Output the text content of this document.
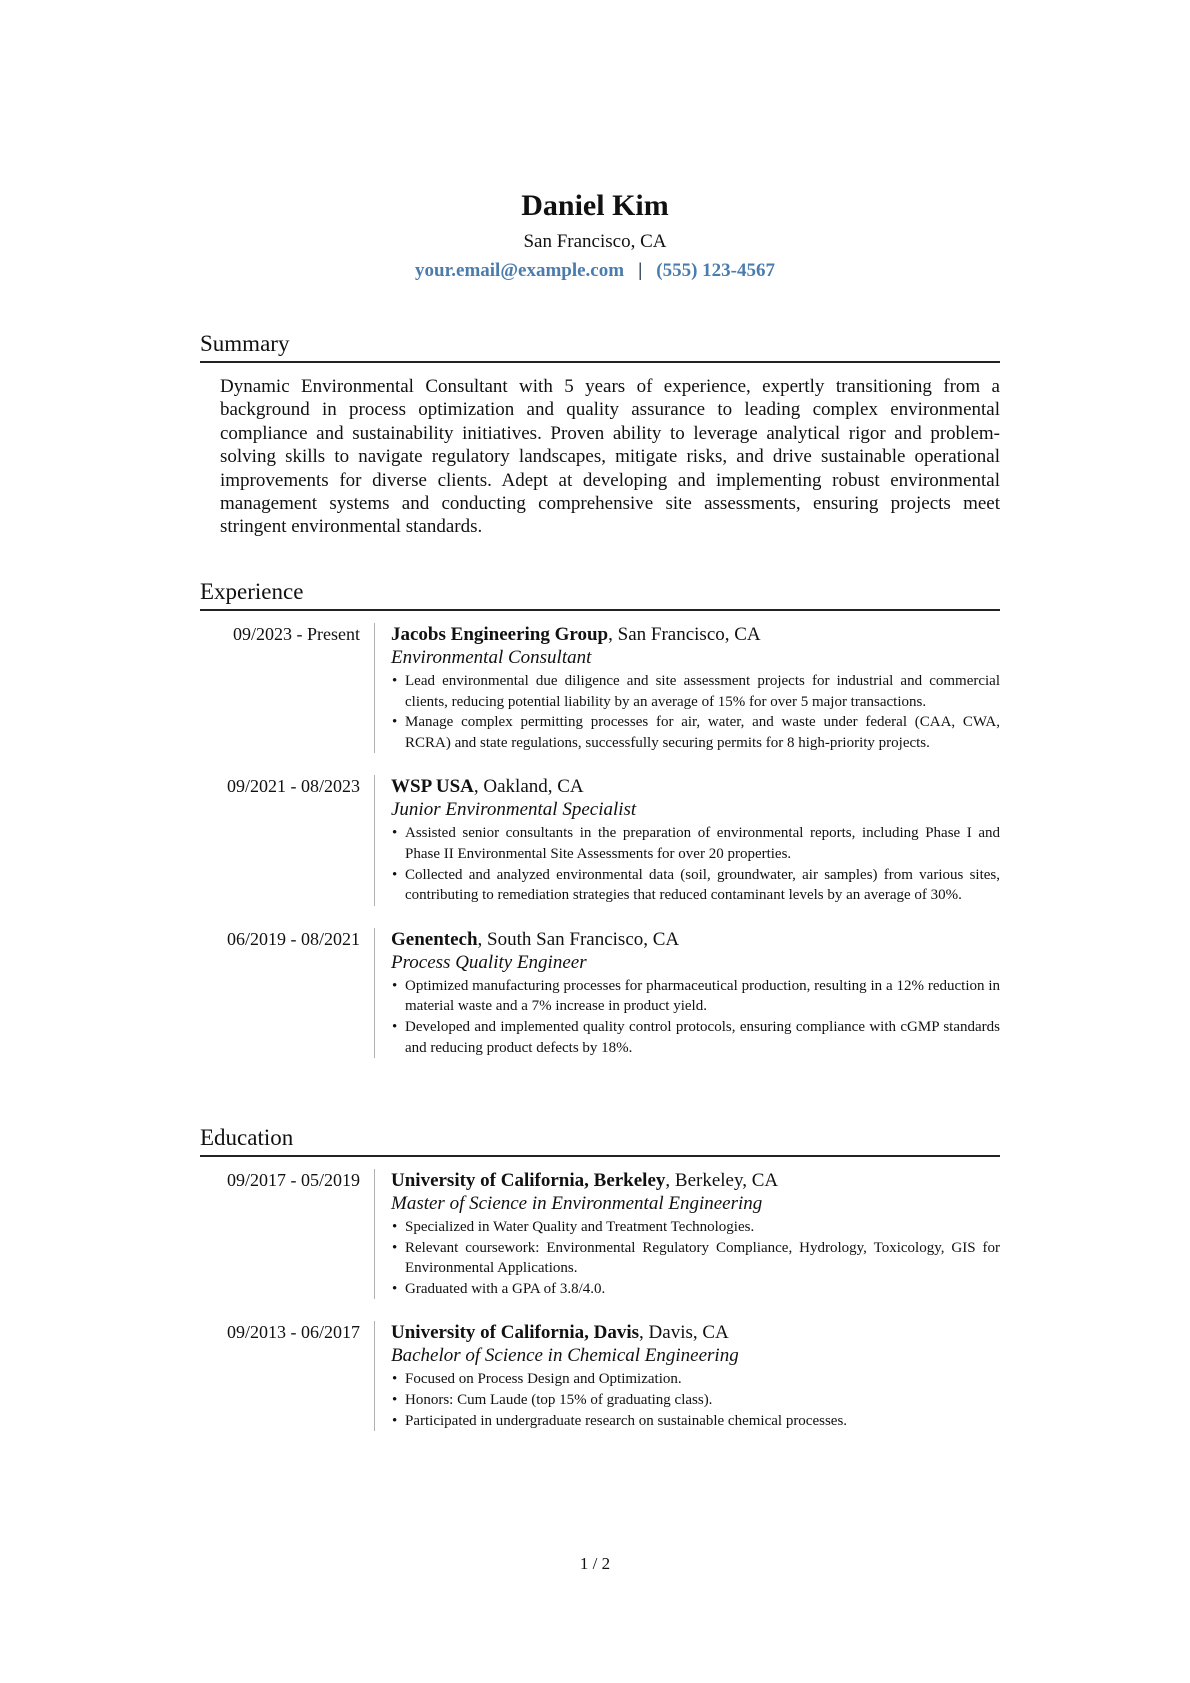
Daniel Kim
San Francisco, CA
your.email@example.com | (555) 123-4567
Summary

Dynamic Environmental Consultant with 5 years of experience, expertly transitioning from a background in process optimization and quality assurance to leading complex environmental compliance and sustainability initiatives. Proven ability to leverage analytical rigor and problem-solving skills to navigate regulatory landscapes, mitigate risks, and drive sustainable operational improvements for diverse clients. Adept at developing and implementing robust environmental management systems and conducting comprehensive site assessments, ensuring projects meet stringent environmental standards.

Experience
09/2023 - Present	Jacobs Engineering Group, San Francisco, CA
Environmental Consultant
• Lead environmental due diligence and site assessment projects for industrial and commercial clients, reducing potential liability by an average of 15% for over 5 major transactions.
• Manage complex permitting processes for air, water, and waste under federal (CAA, CWA, RCRA) and state regulations, successfully securing permits for 8 high-priority projects.
09/2021 - 08/2023	WSP USA, Oakland, CA
Junior Environmental Specialist
• Assisted senior consultants in the preparation of environmental reports, including Phase I and Phase II Environmental Site Assessments for over 20 properties.
• Collected and analyzed environmental data (soil, groundwater, air samples) from various sites, contributing to remediation strategies that reduced contaminant levels by an average of 30%.
06/2019 - 08/2021	Genentech, South San Francisco, CA
Process Quality Engineer
• Optimized manufacturing processes for pharmaceutical production, resulting in a 12% reduction in material waste and a 7% increase in product yield.
• Developed and implemented quality control protocols, ensuring compliance with cGMP standards and reducing product defects by 18%.
Education
09/2017 - 05/2019	University of California, Berkeley, Berkeley, CA
Master of Science in Environmental Engineering
• Specialized in Water Quality and Treatment Technologies.
• Relevant coursework: Environmental Regulatory Compliance, Hydrology, Toxicology, GIS for Environmental Applications.
• Graduated with a GPA of 3.8/4.0.
09/2013 - 06/2017	University of California, Davis, Davis, CA
Bachelor of Science in Chemical Engineering
• Focused on Process Design and Optimization.
• Honors: Cum Laude (top 15% of graduating class).
• Participated in undergraduate research on sustainable chemical processes.
1 / 2
